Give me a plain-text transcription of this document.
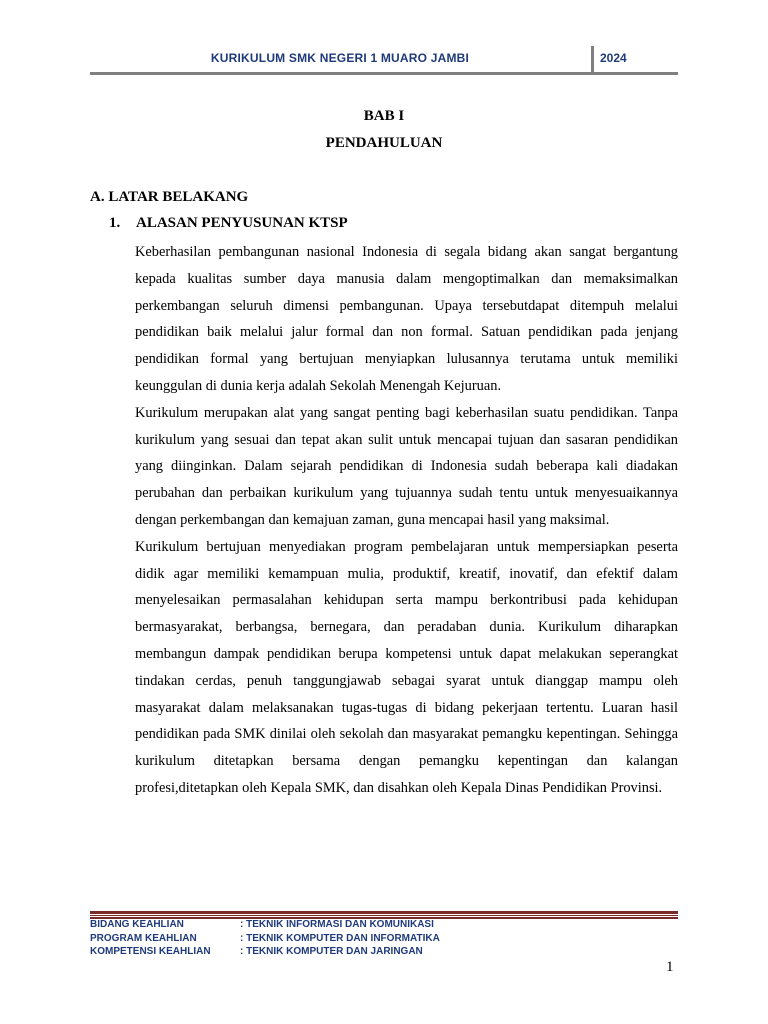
KURIKULUM SMK NEGERI 1 MUARO JAMBI	2024
BAB I
PENDAHULUAN
A. LATAR BELAKANG
1. ALASAN PENYUSUNAN KTSP

Keberhasilan pembangunan nasional Indonesia di segala bidang akan sangat bergantung kepada kualitas sumber daya manusia dalam mengoptimalkan dan memaksimalkan perkembangan seluruh dimensi pembangunan. Upaya tersebutdapat ditempuh melalui pendidikan baik melalui jalur formal dan non formal. Satuan pendidikan pada jenjang pendidikan formal yang bertujuan menyiapkan lulusannya terutama untuk memiliki keunggulan di dunia kerja adalah Sekolah Menengah Kejuruan.

Kurikulum merupakan alat yang sangat penting bagi keberhasilan suatu pendidikan. Tanpa kurikulum yang sesuai dan tepat akan sulit untuk mencapai tujuan dan sasaran pendidikan yang diinginkan. Dalam sejarah pendidikan di Indonesia sudah beberapa kali diadakan perubahan dan perbaikan kurikulum yang tujuannya sudah tentu untuk menyesuaikannya dengan perkembangan dan kemajuan zaman, guna mencapai hasil yang maksimal.

Kurikulum bertujuan menyediakan program pembelajaran untuk mempersiapkan peserta didik agar memiliki kemampuan mulia, produktif, kreatif, inovatif, dan efektif dalam menyelesaikan permasalahan kehidupan serta mampu berkontribusi pada kehidupan bermasyarakat, berbangsa, bernegara, dan peradaban dunia. Kurikulum diharapkan membangun dampak pendidikan berupa kompetensi untuk dapat melakukan seperangkat tindakan cerdas, penuh tanggungjawab sebagai syarat untuk dianggap mampu oleh masyarakat dalam melaksanakan tugas-tugas di bidang pekerjaan tertentu. Luaran hasil pendidikan pada SMK dinilai oleh sekolah dan masyarakat pemangku kepentingan. Sehingga kurikulum ditetapkan bersama dengan pemangku kepentingan dan kalangan profesi,ditetapkan oleh Kepala SMK, dan disahkan oleh Kepala Dinas Pendidikan Provinsi.

BIDANG KEAHLIAN	: TEKNIK INFORMASI DAN KOMUNIKASI
PROGRAM KEAHLIAN	: TEKNIK KOMPUTER DAN INFORMATIKA
KOMPETENSI KEAHLIAN	: TEKNIK KOMPUTER DAN JARINGAN
1
